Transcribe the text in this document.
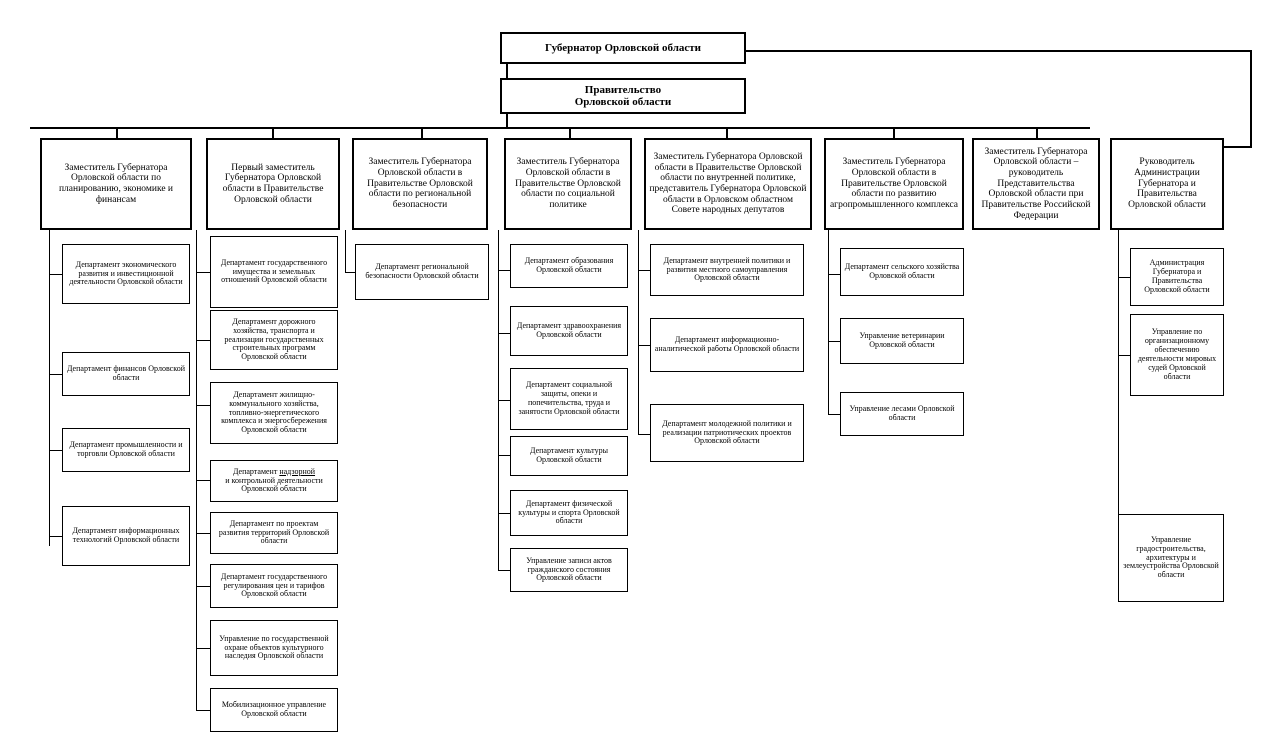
Губернатор Орловской области
Правительство
Орловской области
Заместитель Губернатора Орловской области по планированию, экономике и финансам
Первый заместитель Губернатора Орловской области в Правительстве Орловской области
Заместитель Губернатора Орловской области в Правительстве Орловской области по региональной безопасности
Заместитель Губернатора Орловской области в Правительстве Орловской области по социальной политике
Заместитель Губернатора Орловской области в Правительстве Орловской области по внутренней политике, представитель Губернатора Орловской области в Орловском областном Совете народных депутатов
Заместитель Губернатора Орловской области в Правительстве Орловской области по развитию агропромышленного комплекса
Заместитель Губернатора Орловской области – руководитель Представительства Орловской области при Правительстве Российской Федерации
Руководитель Администрации Губернатора и Правительства Орловской области
Департамент экономического развития и инвестиционной деятельности Орловской области
Департамент финансов Орловской области
Департамент промышленности и торговли Орловской области
Департамент информационных технологий Орловской области
Департамент государственного имущества и земельных отношений Орловской области
Департамент дорожного хозяйства, транспорта и реализации государственных строительных программ Орловской области
Департамент жилищно-коммунального хозяйства, топливно-энергетического комплекса и энергосбережения Орловской области
Департамент надзорной
и контрольной деятельности
Орловской области
Департамент по проектам развития территорий Орловской области
Департамент государственного регулирования цен и тарифов Орловской области
Управление по государственной охране объектов культурного наследия Орловской области
Мобилизационное управление Орловской области
Департамент региональной безопасности Орловской области
Департамент образования Орловской области
Департамент здравоохранения Орловской области
Департамент социальной защиты, опеки и попечительства, труда и занятости Орловской области
Департамент культуры Орловской области
Департамент физической культуры и спорта Орловской области
Управление записи актов гражданского состояния Орловской области
Департамент внутренней политики и развития местного самоуправления Орловской области
Департамент информационно-аналитической работы Орловской области
Департамент молодежной политики и реализации патриотических проектов Орловской области
Департамент сельского хозяйства Орловской области
Управление ветеринарии Орловской области
Управление лесами Орловской области
Администрация Губернатора и Правительства Орловской области
Управление по организационному обеспечению деятельности мировых судей Орловской области
Управление градостроительства, архитектуры и землеустройства Орловской области
